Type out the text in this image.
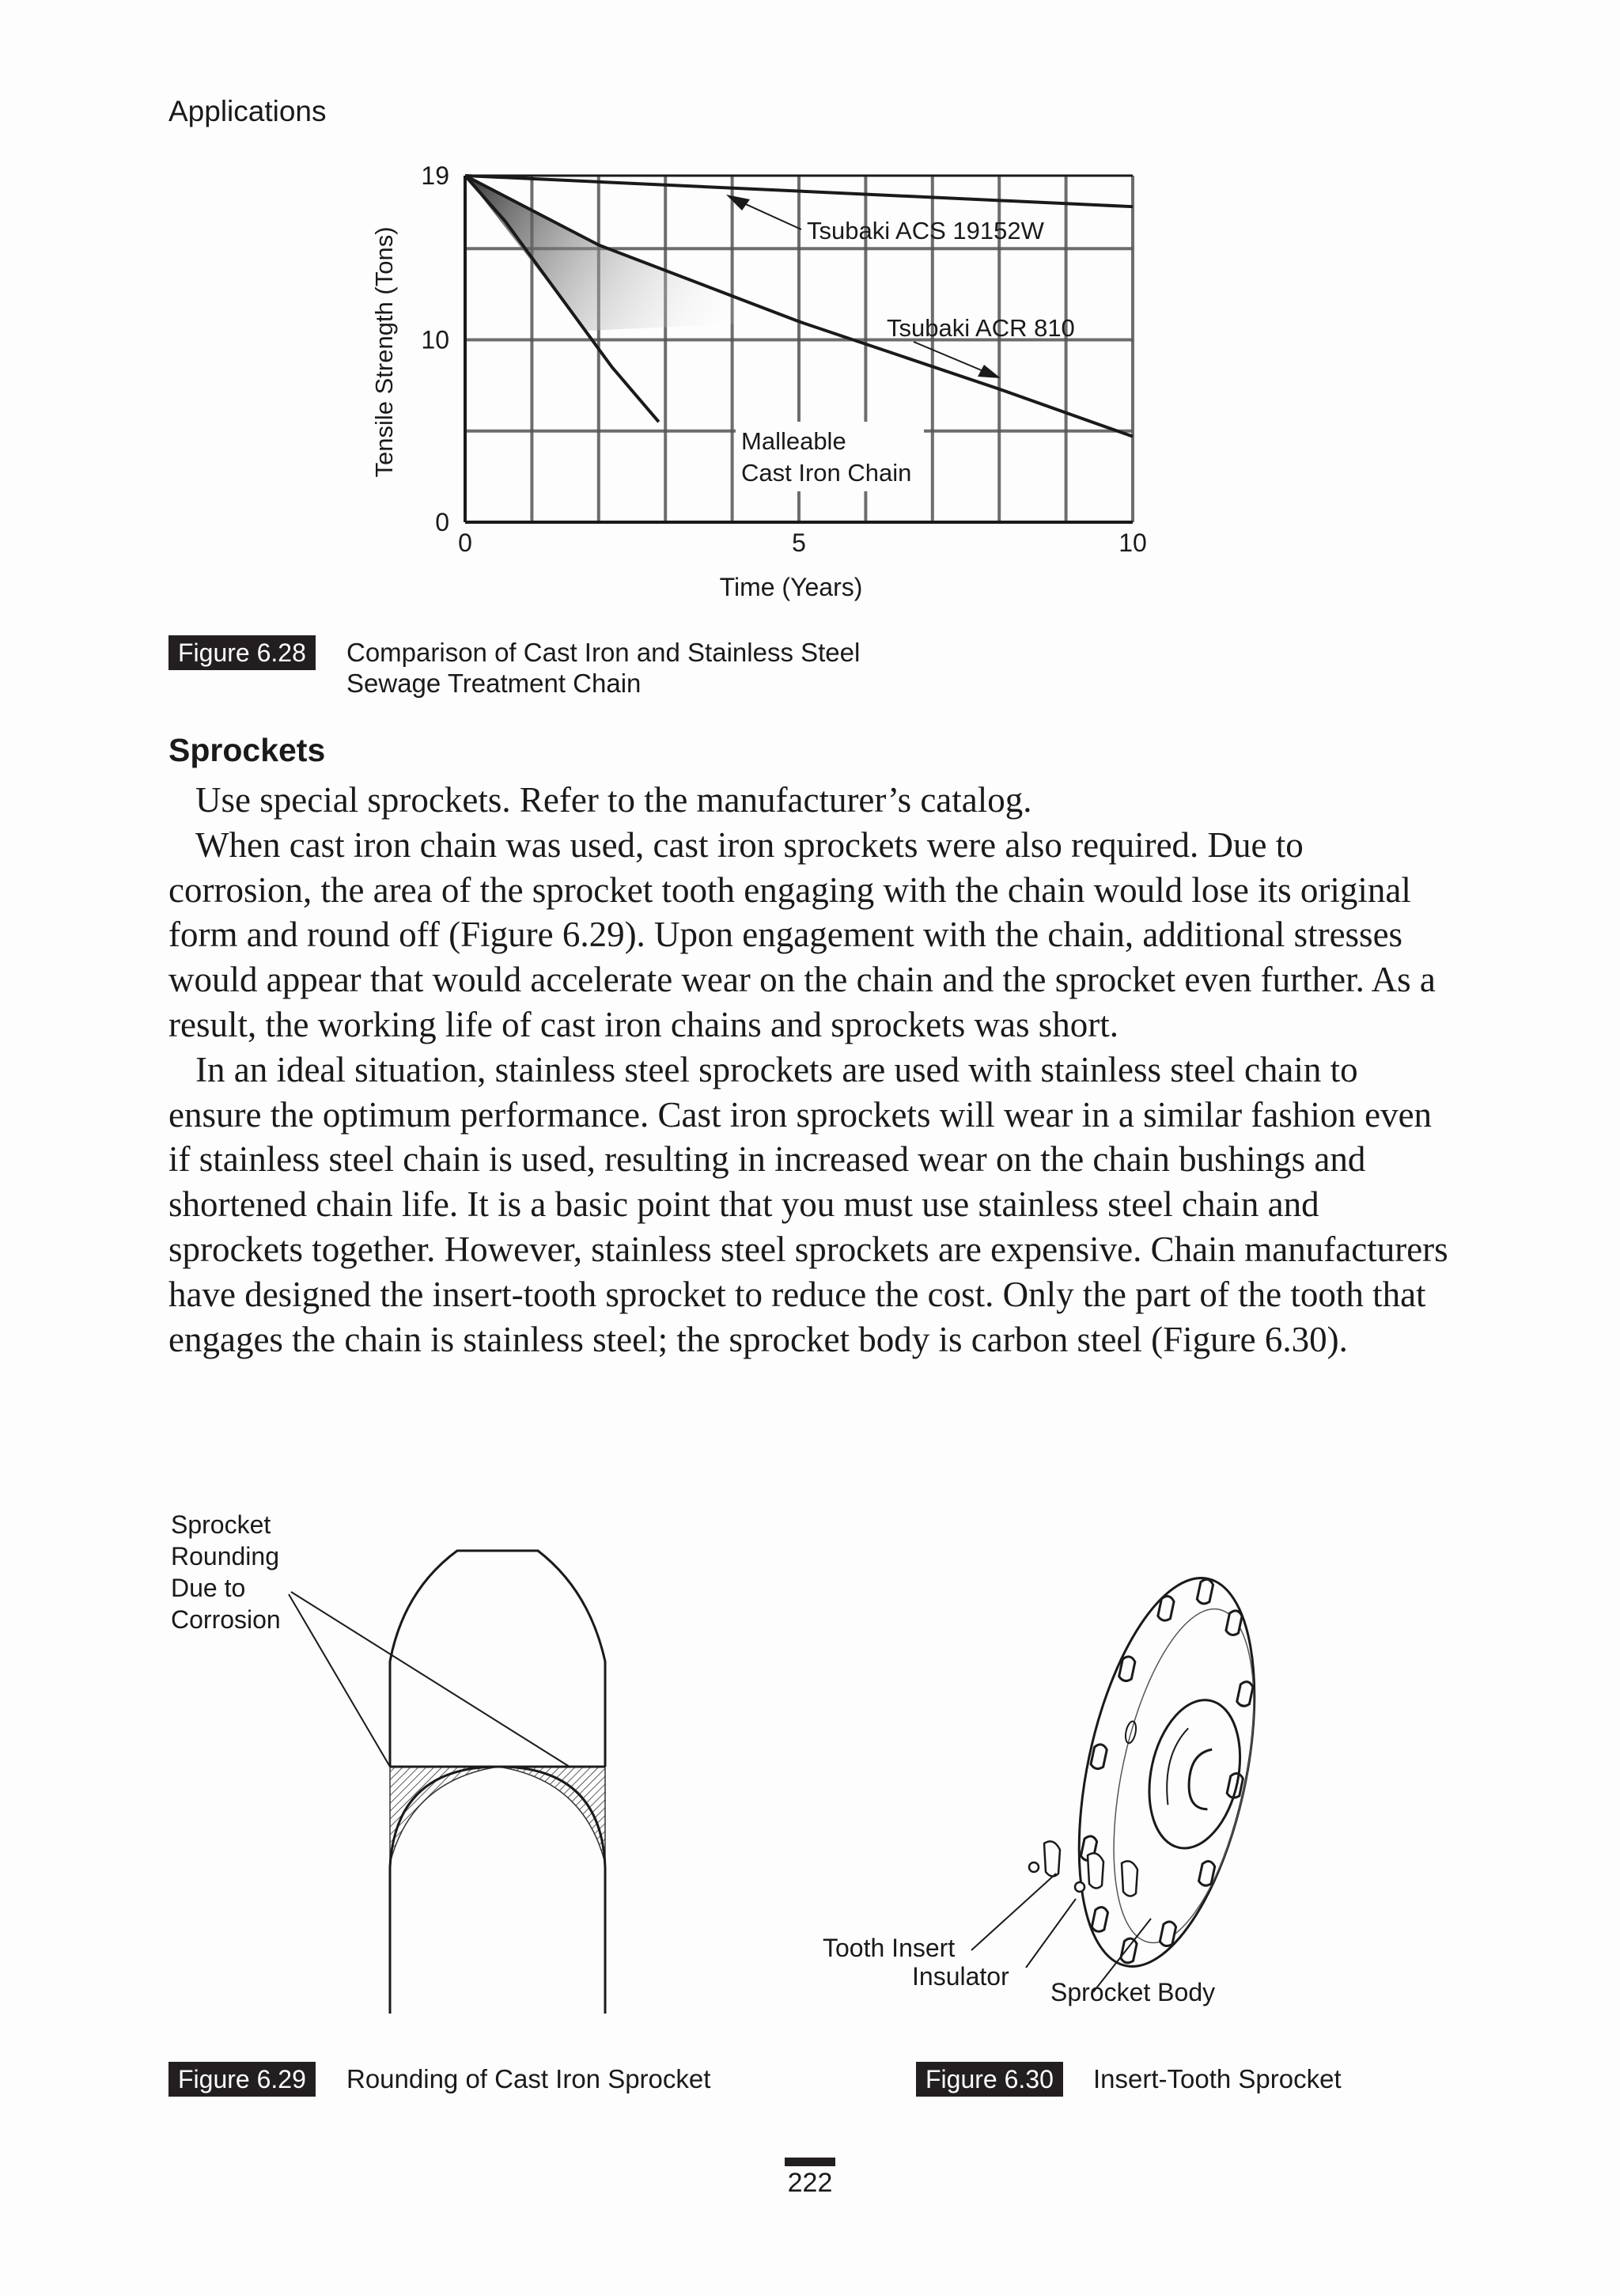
Applications
0	5	10
0
10
19
Tensile Strength (Tons)
Time (Years)
Tsubaki ACS 19152W
Tsubaki ACR 810
Malleable
Cast Iron Chain
Figure 6.28	Comparison of Cast Iron and Stainless Steel
Sewage Treatment Chain
Sprockets

Use special sprockets. Refer to the manufacturer’s catalog.

When cast iron chain was used, cast iron sprockets were also required. Due to corrosion, the area of the sprocket tooth engaging with the chain would lose its original form and round off (Figure 6.29). Upon engagement with the chain, additional stresses would appear that would accelerate wear on the chain and the sprocket even further. As a result, the working life of cast iron chains and sprockets was short.

In an ideal situation, stainless steel sprockets are used with stainless steel chain to ensure the optimum performance. Cast iron sprockets will wear in a similar fashion even if stainless steel chain is used, resulting in increased wear on the chain bushings and shortened chain life. It is a basic point that you must use stainless steel chain and sprockets together. However, stainless steel sprockets are expensive. Chain manufacturers have designed the insert-tooth sprocket to reduce the cost. Only the part of the tooth that engages the chain is stainless steel; the sprocket body is carbon steel (Figure 6.30).

Sprocket
Rounding
Due to
Corrosion
Tooth Insert
Insulator
Sprocket Body
Figure 6.29	Rounding of Cast Iron Sprocket	Figure 6.30	Insert-Tooth Sprocket
222
